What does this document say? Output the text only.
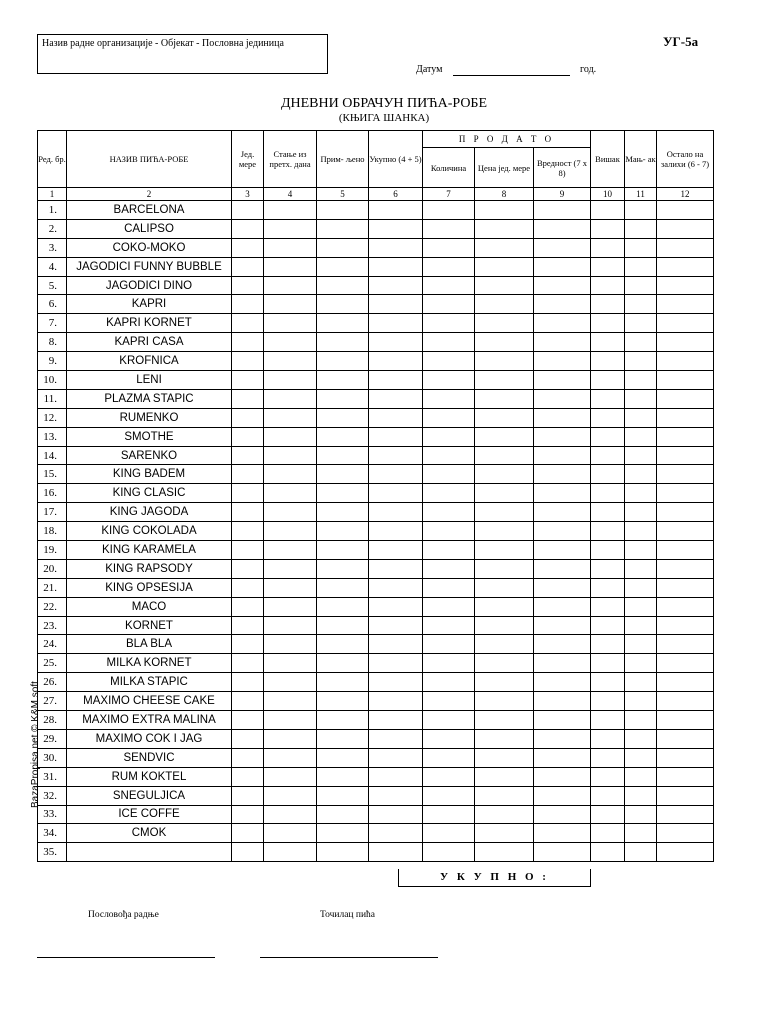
Назив радне организације - Објекат - Пословна јединица	УГ-5а
Датум	год.
ДНЕВНИ ОБРАЧУН ПИЋА-РОБЕ
(КЊИГА ШАНКА)
Ред. бр.	НАЗИВ ПИЋА-РОБЕ	Јед. мере	Стање из претх. дана	Прим- љено	Укупно (4 + 5)	П Р О Д А Т О			Вишак	Мањ- ак	Остало на залихи (6 - 7)
						Количина	Цена јед. мере	Вредност (7 x 8)			
1	2	3	4	5	6	7	8	9	10	11	12
1.	BARCELONA										
2.	CALIPSO										
3.	COKO-MOKO										
4.	JAGODICI FUNNY BUBBLE										
5.	JAGODICI DINO										
6.	KAPRI										
7.	KAPRI KORNET										
8.	KAPRI CASA										
9.	KROFNICA										
10.	LENI										
11.	PLAZMA STAPIC										
12.	RUMENKO										
13.	SMOTHE										
14.	SARENKO										
15.	KING BADEM										
16.	KING CLASIC										
17.	KING JAGODA										
18.	KING COKOLADA										
19.	KING KARAMELA										
20.	KING RAPSODY										
21.	KING OPSESIJA										
22.	MACO										
23.	KORNET										
24.	BLA BLA										
25.	MILKA KORNET										
26.	MILKA STAPIC										
27.	MAXIMO CHEESE CAKE										
28.	MAXIMO EXTRA MALINA										
29.	MAXIMO COK I JAG										
30.	SENDVIC										
31.	RUM KOKTEL										
32.	SNEGULJICA										
33.	ICE COFFE										
34.	CMOK										
35.											
У К У П Н О :
Пословођа радње	Точилац пића
BazaPropisa.net © K&M soft
